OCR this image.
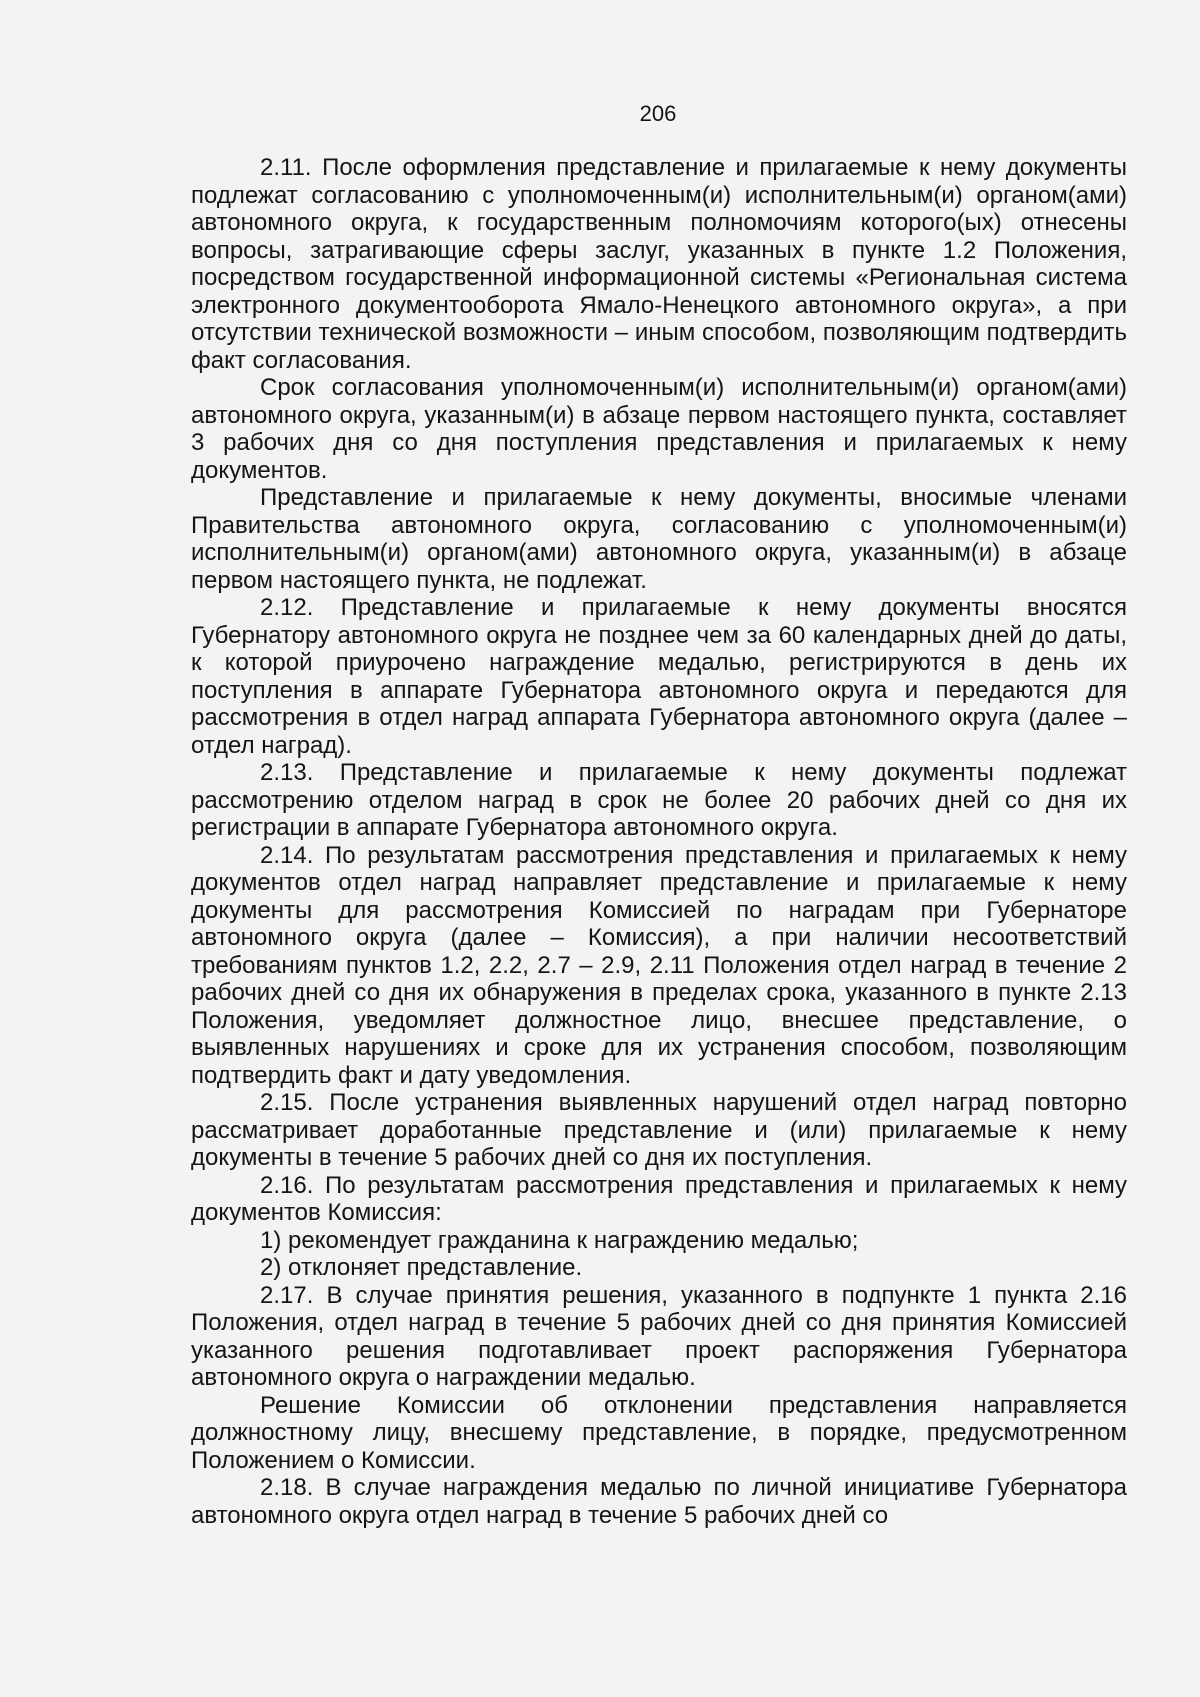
206

2.11. После оформления представление и прилагаемые к нему документы подлежат согласованию с уполномоченным(и) исполнительным(и) органом(ами) автономного округа, к государственным полномочиям которого(ых) отнесены вопросы, затрагивающие сферы заслуг, указанных в пункте 1.2 Положения, посредством государственной информационной системы «Региональная система электронного документооборота Ямало-Ненецкого автономного округа», а при отсутствии технической возможности – иным способом, позволяющим подтвердить факт согласования.

Срок согласования уполномоченным(и) исполнительным(и) органом(ами) автономного округа, указанным(и) в абзаце первом настоящего пункта, составляет 3 рабочих дня со дня поступления представления и прилагаемых к нему документов.

Представление и прилагаемые к нему документы, вносимые членами Правительства автономного округа, согласованию с уполномоченным(и) исполнительным(и) органом(ами) автономного округа, указанным(и) в абзаце первом настоящего пункта, не подлежат.

2.12. Представление и прилагаемые к нему документы вносятся Губернатору автономного округа не позднее чем за 60 календарных дней до даты, к которой приурочено награждение медалью, регистрируются в день их поступления в аппарате Губернатора автономного округа и передаются для рассмотрения в отдел наград аппарата Губернатора автономного округа (далее – отдел наград).

2.13. Представление и прилагаемые к нему документы подлежат рассмотрению отделом наград в срок не более 20 рабочих дней со дня их регистрации в аппарате Губернатора автономного округа.

2.14. По результатам рассмотрения представления и прилагаемых к нему документов отдел наград направляет представление и прилагаемые к нему документы для рассмотрения Комиссией по наградам при Губернаторе автономного округа (далее – Комиссия), а при наличии несоответствий требованиям пунктов 1.2, 2.2, 2.7 – 2.9, 2.11 Положения отдел наград в течение 2 рабочих дней со дня их обнаружения в пределах срока, указанного в пункте 2.13 Положения, уведомляет должностное лицо, внесшее представление, о выявленных нарушениях и сроке для их устранения способом, позволяющим подтвердить факт и дату уведомления.

2.15. После устранения выявленных нарушений отдел наград повторно рассматривает доработанные представление и (или) прилагаемые к нему документы в течение 5 рабочих дней со дня их поступления.

2.16. По результатам рассмотрения представления и прилагаемых к нему документов Комиссия:

1) рекомендует гражданина к награждению медалью;

2) отклоняет представление.

2.17. В случае принятия решения, указанного в подпункте 1 пункта 2.16 Положения, отдел наград в течение 5 рабочих дней со дня принятия Комиссией указанного решения подготавливает проект распоряжения Губернатора автономного округа о награждении медалью.

Решение Комиссии об отклонении представления направляется должностному лицу, внесшему представление, в порядке, предусмотренном Положением о Комиссии.

2.18. В случае награждения медалью по личной инициативе Губернатора автономного округа отдел наград в течение 5 рабочих дней со
